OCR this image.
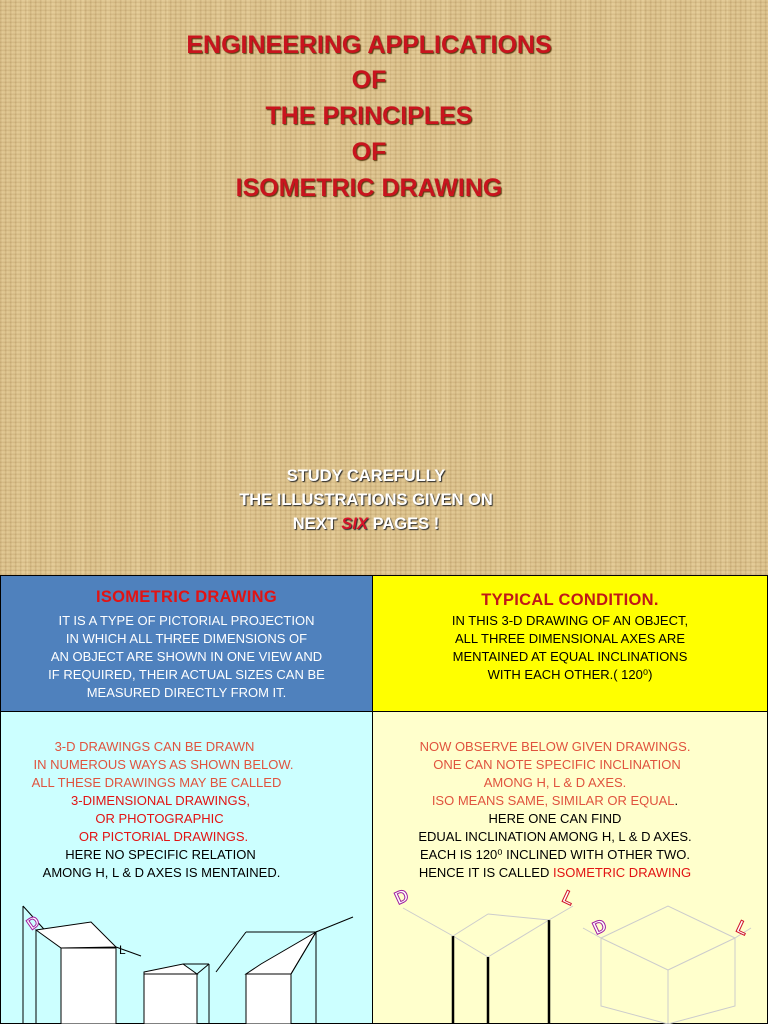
ENGINEERING APPLICATIONS
OF
THE PRINCIPLES
OF
ISOMETRIC DRAWING
STUDY CAREFULLY
THE ILLUSTRATIONS GIVEN ON
NEXT SIX PAGES !
ISOMETRIC DRAWING
IT IS A TYPE OF PICTORIAL PROJECTION
IN WHICH ALL THREE DIMENSIONS OF
AN OBJECT ARE SHOWN IN ONE VIEW AND
IF REQUIRED, THEIR ACTUAL SIZES CAN BE
MEASURED DIRECTLY FROM IT.
TYPICAL CONDITION.
IN THIS 3-D DRAWING OF AN OBJECT,
ALL THREE DIMENSIONAL AXES ARE
MENTAINED AT EQUAL INCLINATIONS
WITH EACH OTHER.( 120⁰)
3-D DRAWINGS CAN BE DRAWN
IN NUMEROUS WAYS AS SHOWN BELOW.
ALL THESE DRAWINGS MAY BE CALLED
3-DIMENSIONAL DRAWINGS,
OR PHOTOGRAPHIC
OR PICTORIAL DRAWINGS.
HERE NO SPECIFIC RELATION
AMONG H, L & D AXES IS MENTAINED.
D
L
NOW OBSERVE BELOW GIVEN DRAWINGS.
ONE CAN NOTE SPECIFIC INCLINATION
AMONG H, L & D AXES.
ISO MEANS SAME, SIMILAR OR EQUAL.
HERE ONE CAN FIND
EDUAL INCLINATION AMONG H, L & D AXES.
EACH IS 120⁰ INCLINED WITH OTHER TWO.
HENCE IT IS CALLED ISOMETRIC DRAWING
D	L
D	L
